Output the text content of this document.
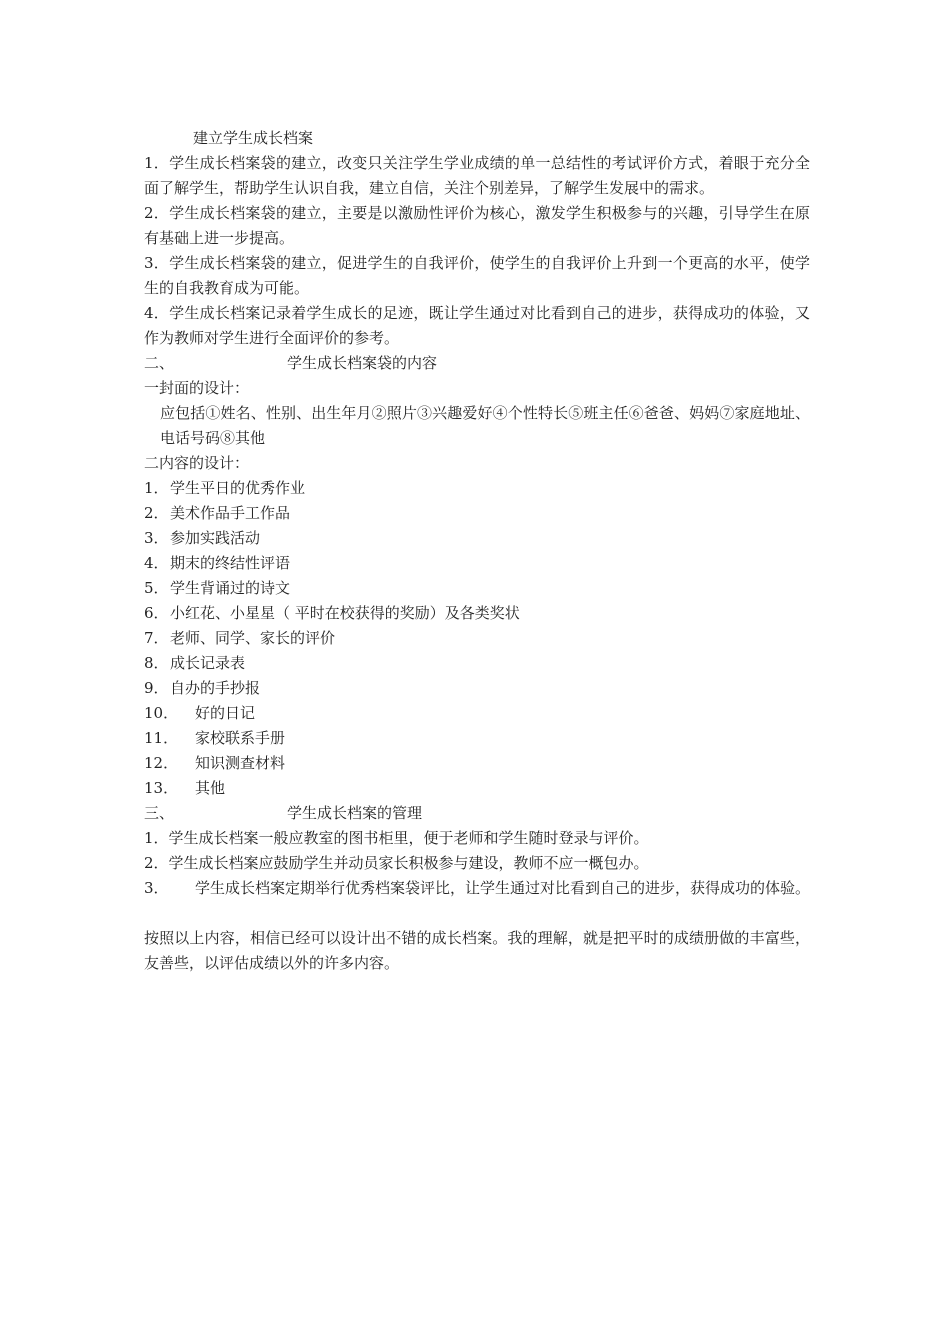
建立学生成长档案
1．学生成长档案袋的建立，改变只关注学生学业成绩的单一总结性的考试评价方式，着眼于充分全面了解学生，帮助学生认识自我，建立自信，关注个别差异，了解学生发展中的需求。
2．学生成长档案袋的建立，主要是以激励性评价为核心，激发学生积极参与的兴趣，引导学生在原有基础上进一步提高。
3．学生成长档案袋的建立，促进学生的自我评价，使学生的自我评价上升到一个更高的水平，使学生的自我教育成为可能。
4．学生成长档案记录着学生成长的足迹，既让学生通过对比看到自己的进步，获得成功的体验，又作为教师对学生进行全面评价的参考。
二、	学生成长档案袋的内容
一封面的设计：
应包括①姓名、性别、出生年月②照片③兴趣爱好④个性特长⑤班主任⑥爸爸、妈妈⑦家庭地址、电话号码⑧其他
二内容的设计：
1．学生平日的优秀作业
2．美术作品手工作品
3．参加实践活动
4．期末的终结性评语
5．学生背诵过的诗文
6．小红花、小星星（ 平时在校获得的奖励）及各类奖状
7．老师、同学、家长的评价
8．成长记录表
9．自办的手抄报
10． 好的日记
11． 家校联系手册
12． 知识测查材料
13． 其他
三、	学生成长档案的管理
1．学生成长档案一般应教室的图书柜里，便于老师和学生随时登录与评价。
2．学生成长档案应鼓励学生并动员家长积极参与建设，教师不应一概包办。
3． 学生成长档案定期举行优秀档案袋评比，让学生通过对比看到自己的进步，获得成功的体验。
按照以上内容，相信已经可以设计出不错的成长档案。我的理解，就是把平时的成绩册做的丰富些，友善些，以评估成绩以外的许多内容。
